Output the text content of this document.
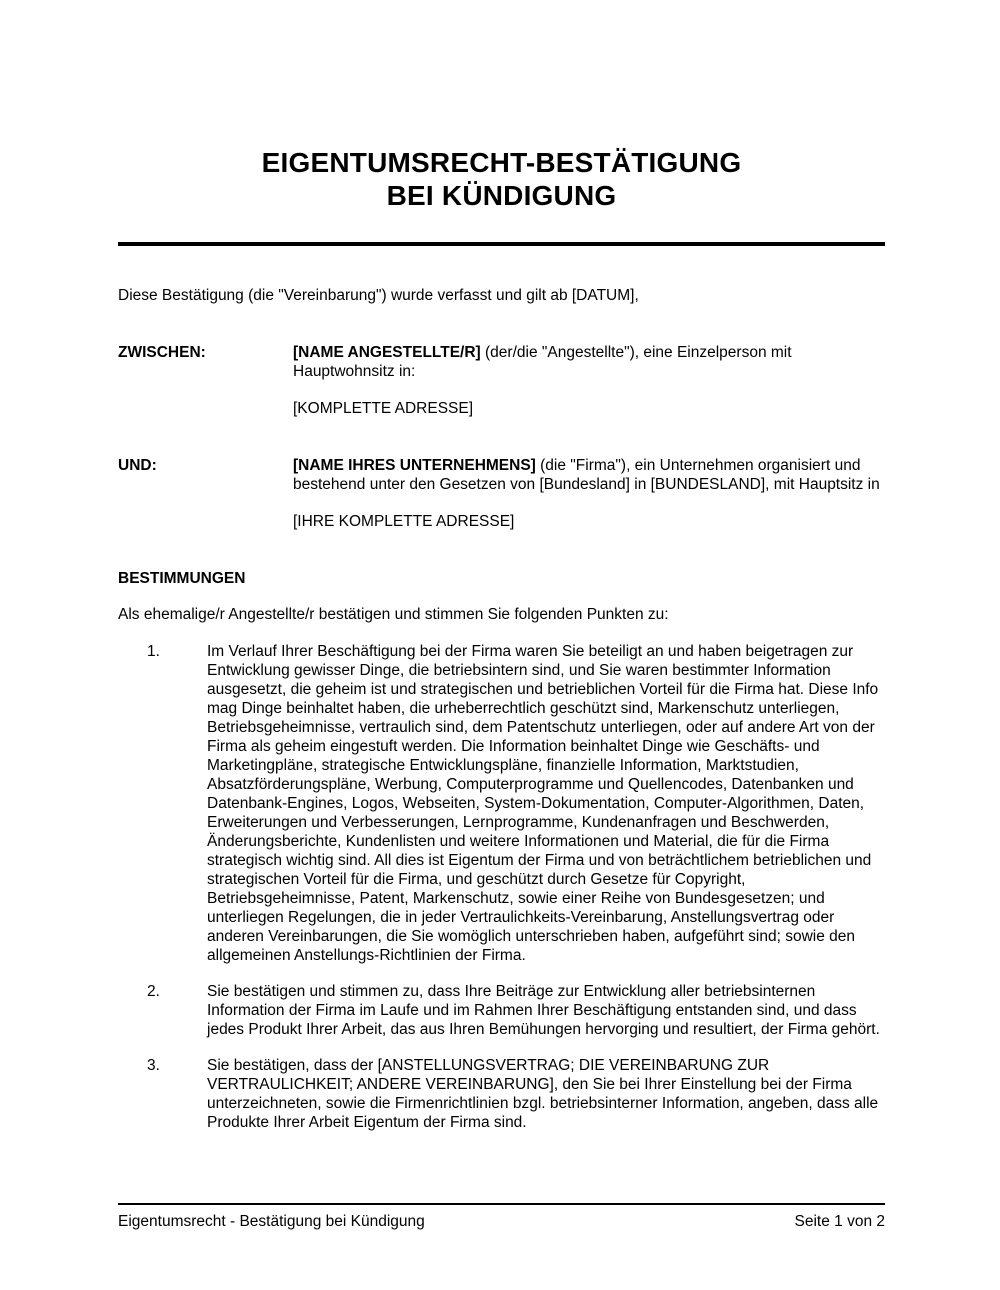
EIGENTUMSRECHT-BESTÄTIGUNG
BEI KÜNDIGUNG

Diese Bestätigung (die "Vereinbarung") wurde verfasst und gilt ab [DATUM],

ZWISCHEN:	[NAME ANGESTELLTE/R] (der/die "Angestellte"), eine Einzelperson mit Hauptwohnsitz in:

[KOMPLETTE ADRESSE]

UND:	[NAME IHRES UNTERNEHMENS] (die "Firma"), ein Unternehmen organisiert und bestehend unter den Gesetzen von [Bundesland] in [BUNDESLAND], mit Hauptsitz in

[IHRE KOMPLETTE ADRESSE]

BESTIMMUNGEN

Als ehemalige/r Angestellte/r bestätigen und stimmen Sie folgenden Punkten zu:

1.	Im Verlauf Ihrer Beschäftigung bei der Firma waren Sie beteiligt an und haben beigetragen zur Entwicklung gewisser Dinge, die betriebsintern sind, und Sie waren bestimmter Information ausgesetzt, die geheim ist und strategischen und betrieblichen Vorteil für die Firma hat. Diese Info mag Dinge beinhaltet haben, die urheberrechtlich geschützt sind, Markenschutz unterliegen, Betriebsgeheimnisse, vertraulich sind, dem Patentschutz unterliegen, oder auf andere Art von der Firma als geheim eingestuft werden. Die Information beinhaltet Dinge wie Geschäfts- und Marketingpläne, strategische Entwicklungspläne, finanzielle Information, Marktstudien, Absatzförderungspläne, Werbung, Computerprogramme und Quellencodes, Datenbanken und Datenbank-Engines, Logos, Webseiten, System-Dokumentation, Computer-Algorithmen, Daten, Erweiterungen und Verbesserungen, Lernprogramme, Kundenanfragen und Beschwerden, Änderungsberichte, Kundenlisten und weitere Informationen und Material, die für die Firma strategisch wichtig sind. All dies ist Eigentum der Firma und von beträchtlichem betrieblichen und strategischen Vorteil für die Firma, und geschützt durch Gesetze für Copyright, Betriebsgeheimnisse, Patent, Markenschutz, sowie einer Reihe von Bundesgesetzen; und unterliegen Regelungen, die in jeder Vertraulichkeits-Vereinbarung, Anstellungsvertrag oder anderen Vereinbarungen, die Sie womöglich unterschrieben haben, aufgeführt sind; sowie den allgemeinen Anstellungs-Richtlinien der Firma.
2.	Sie bestätigen und stimmen zu, dass Ihre Beiträge zur Entwicklung aller betriebsinternen Information der Firma im Laufe und im Rahmen Ihrer Beschäftigung entstanden sind, und dass jedes Produkt Ihrer Arbeit, das aus Ihren Bemühungen hervorging und resultiert, der Firma gehört.
3.	Sie bestätigen, dass der [ANSTELLUNGSVERTRAG; DIE VEREINBARUNG ZUR VERTRAULICHKEIT; ANDERE VEREINBARUNG], den Sie bei Ihrer Einstellung bei der Firma unterzeichneten, sowie die Firmenrichtlinien bzgl. betriebsinterner Information, angeben, dass alle Produkte Ihrer Arbeit Eigentum der Firma sind.
Eigentumsrecht - Bestätigung bei Kündigung	Seite 1 von 2
